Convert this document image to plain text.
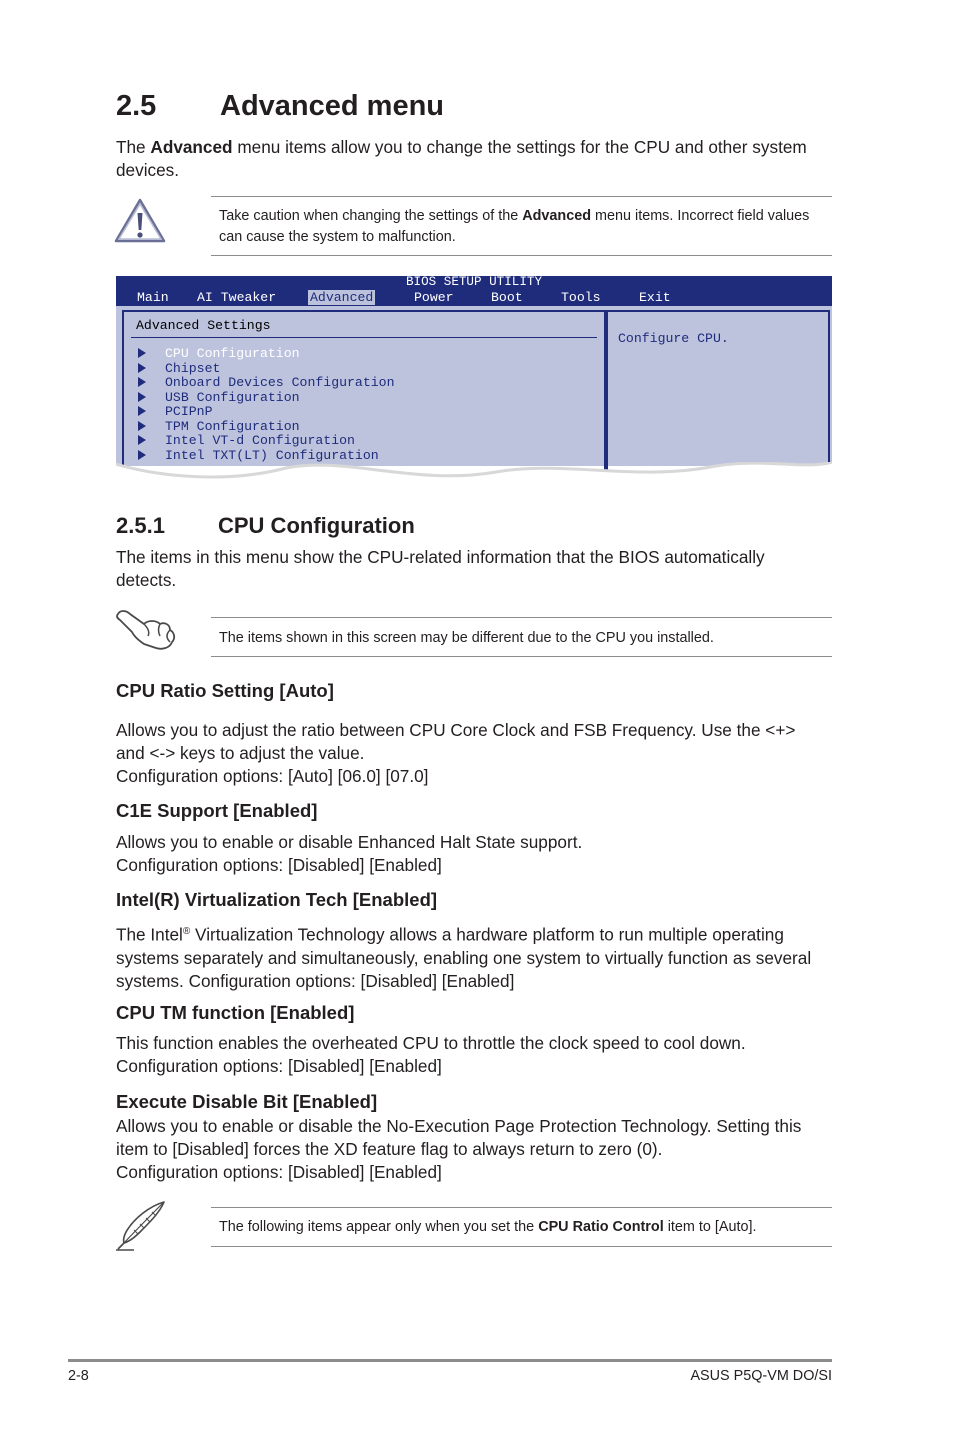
2.5 Advanced menu
The Advanced menu items allow you to change the settings for the CPU and other system devices.
Take caution when changing the settings of the Advanced menu items. Incorrect field values can cause the system to malfunction.
BIOS SETUP UTILITY
Main AI Tweaker	Advanced	Power	Boot	Tools	Exit
Advanced Settings
CPU Configuration
Chipset
Onboard Devices Configuration
USB Configuration
PCIPnP
TPM Configuration
Intel VT-d Configuration
Intel TXT(LT) Configuration
Configure CPU.
2.5.1 CPU Configuration
The items in this menu show the CPU-related information that the BIOS automatically detects.
The items shown in this screen may be different due to the CPU you installed.
CPU Ratio Setting [Auto]
Allows you to adjust the ratio between CPU Core Clock and FSB Frequency. Use the <+>
and <-> keys to adjust the value.
Configuration options: [Auto] [06.0] [07.0]
C1E Support [Enabled]
Allows you to enable or disable Enhanced Halt State support.
Configuration options: [Disabled] [Enabled]
Intel(R) Virtualization Tech [Enabled]
The Intel® Virtualization Technology allows a hardware platform to run multiple operating
systems separately and simultaneously, enabling one system to virtually function as several
systems. Configuration options: [Disabled] [Enabled]
CPU TM function [Enabled]
This function enables the overheated CPU to throttle the clock speed to cool down.
Configuration options: [Disabled] [Enabled]
Execute Disable Bit [Enabled]
Allows you to enable or disable the No-Execution Page Protection Technology. Setting this
item to [Disabled] forces the XD feature flag to always return to zero (0).
Configuration options: [Disabled] [Enabled]
The following items appear only when you set the CPU Ratio Control item to [Auto].
2-8	ASUS P5Q-VM DO/SI
